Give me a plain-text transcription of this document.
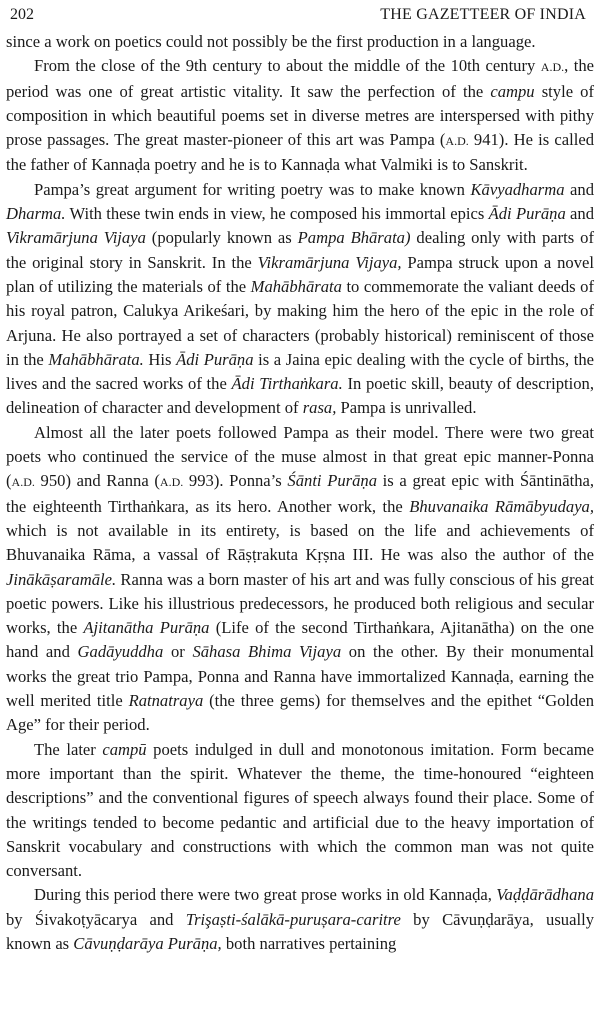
202	THE GAZETTEER OF INDIA

since a work on poetics could not possibly be the first production in a language.

From the close of the 9th century to about the middle of the 10th century A.D., the period was one of great artistic vitality. It saw the perfection of the campu style of composition in which beautiful poems set in diverse metres are interspersed with pithy prose passages. The great master-pioneer of this art was Pampa (A.D. 941). He is called the father of Kannaḍa poetry and he is to Kannaḍa what Valmiki is to Sanskrit.

Pampa’s great argument for writing poetry was to make known Kāvyadharma and Dharma. With these twin ends in view, he composed his immortal epics Ādi Purāṇa and Vikramārjuna Vijaya (popularly known as Pampa Bhārata) dealing only with parts of the original story in Sanskrit. In the Vikramārjuna Vijaya, Pampa struck upon a novel plan of utilizing the materials of the Mahābhārata to commemorate the valiant deeds of his royal patron, Calukya Arikeśari, by making him the hero of the epic in the role of Arjuna. He also portrayed a set of characters (probably historical) reminiscent of those in the Mahābhārata. His Ādi Purāṇa is a Jaina epic dealing with the cycle of births, the lives and the sacred works of the Ādi Tirthaṅkara. In poetic skill, beauty of description, delineation of character and development of rasa, Pampa is unrivalled.

Almost all the later poets followed Pampa as their model. There were two great poets who continued the service of the muse almost in that great epic manner-Ponna (A.D. 950) and Ranna (A.D. 993). Ponna’s Śānti Purāṇa is a great epic with Śāntinātha, the eighteenth Tirthaṅkara, as its hero. Another work, the Bhuvanaika Rāmābyudaya, which is not available in its entirety, is based on the life and achievements of Bhuvanaika Rāma, a vassal of Rāṣṭrakuta Kṛṣna III. He was also the author of the Jinākāṣaramāle. Ranna was a born master of his art and was fully conscious of his great poetic powers. Like his illustrious predecessors, he produced both religious and secular works, the Ajitanātha Purāṇa (Life of the second Tirthaṅkara, Ajitanātha) on the one hand and Gadāyuddha or Sāhasa Bhima Vijaya on the other. By their monumental works the great trio Pampa, Ponna and Ranna have immortalized Kannaḍa, earning the well merited title Ratnatraya (the three gems) for themselves and the epithet “Golden Age” for their period.

The later campū poets indulged in dull and monotonous imitation. Form became more important than the spirit. Whatever the theme, the time-honoured “eighteen descriptions” and the conventional figures of speech always found their place. Some of the writings tended to become pedantic and artificial due to the heavy importation of Sanskrit vocabulary and constructions with which the common man was not quite conversant.

During this period there were two great prose works in old Kannaḍa, Vaḍḍārādhana by Śivakoṭyācarya and Trişaṣti-śalākā-purușara-caritre by Cāvuṇḍarāya, usually known as Cāvuṇḍarāya Purāṇa, both narratives pertaining
